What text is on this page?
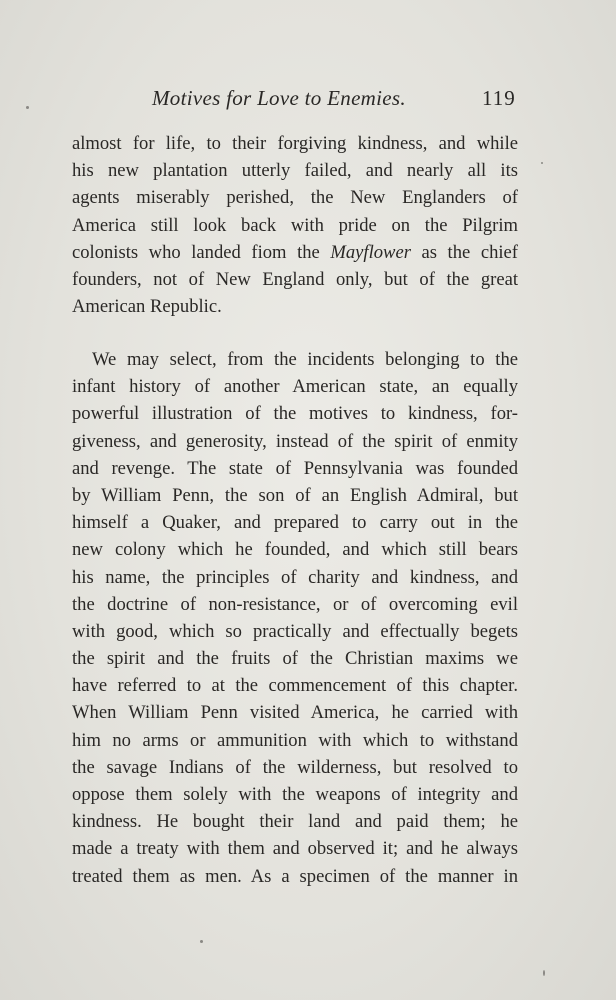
Motives for Love to Enemies.	119
almost for life, to their forgiving kindness, and while
his new plantation utterly failed, and nearly all its
agents miserably perished, the New Englanders of
America still look back with pride on the Pilgrim
colonists who landed fiom the Mayflower as the chief
founders, not of New England only, but of the great
American Republic.
We may select, from the incidents belonging to the
infant history of another American state, an equally
powerful illustration of the motives to kindness, for-
giveness, and generosity, instead of the spirit of enmity
and revenge. The state of Pennsylvania was founded
by William Penn, the son of an English Admiral, but
himself a Quaker, and prepared to carry out in the
new colony which he founded, and which still bears
his name, the principles of charity and kindness, and
the doctrine of non-resistance, or of overcoming evil
with good, which so practically and effectually begets
the spirit and the fruits of the Christian maxims we
have referred to at the commencement of this chapter.
When William Penn visited America, he carried with
him no arms or ammunition with which to withstand
the savage Indians of the wilderness, but resolved to
oppose them solely with the weapons of integrity and
kindness. He bought their land and paid them; he
made a treaty with them and observed it; and he always
treated them as men. As a specimen of the manner in
